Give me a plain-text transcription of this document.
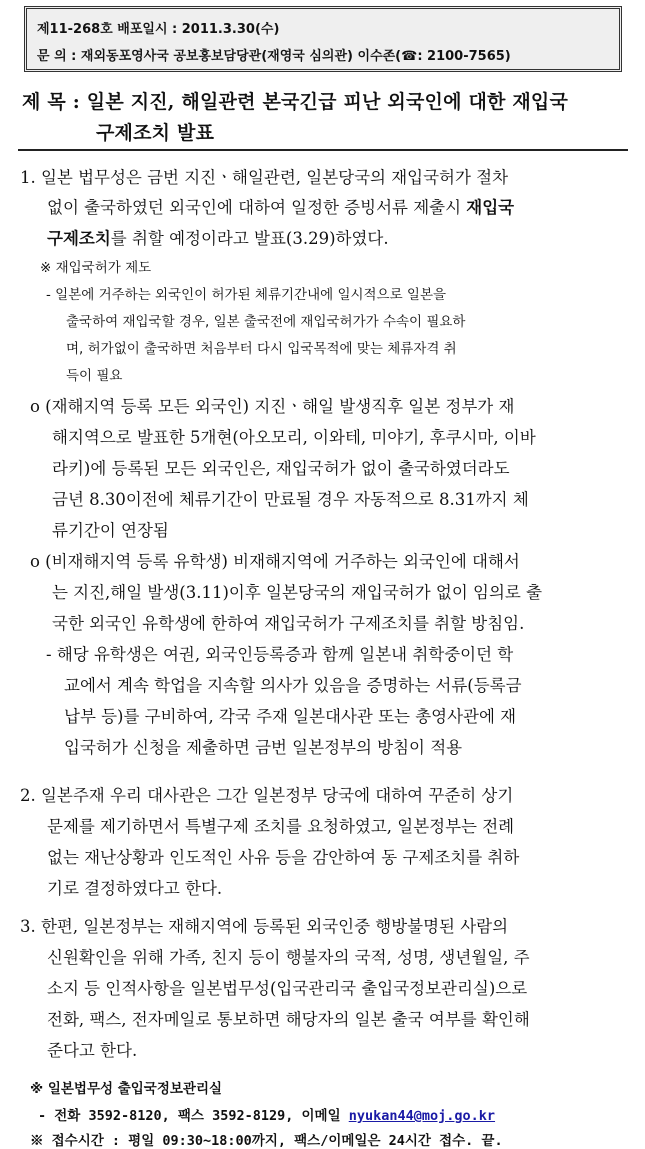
제11-268호 배포일시 : 2011.3.30(수)
문 의 : 재외동포영사국 공보홍보담당관(재영국 심의관) 이수존(☎: 2100-7565)
제 목 : 일본 지진, 해일관련 본국긴급 피난 외국인에 대한 재입국
구제조치 발표
1. 일본 법무성은 금번 지진ㆍ해일관련, 일본당국의 재입국허가 절차
없이 출국하였던 외국인에 대하여 일정한 증빙서류 제출시 재입국
구제조치를 취할 예정이라고 발표(3.29)하였다.
※ 재입국허가 제도
- 일본에 거주하는 외국인이 허가된 체류기간내에 일시적으로 일본을
출국하여 재입국할 경우, 일본 출국전에 재입국허가가 수속이 필요하
며, 허가없이 출국하면 처음부터 다시 입국목적에 맞는 체류자격 취
득이 필요
o (재해지역 등록 모든 외국인) 지진ㆍ해일 발생직후 일본 정부가 재
해지역으로 발표한 5개현(아오모리, 이와테, 미야기, 후쿠시마, 이바
라키)에 등록된 모든 외국인은, 재입국허가 없이 출국하였더라도
금년 8.30이전에 체류기간이 만료될 경우 자동적으로 8.31까지 체
류기간이 연장됨
o (비재해지역 등록 유학생) 비재해지역에 거주하는 외국인에 대해서
는 지진,해일 발생(3.11)이후 일본당국의 재입국허가 없이 임의로 출
국한 외국인 유학생에 한하여 재입국허가 구제조치를 취할 방침임.
- 해당 유학생은 여권, 외국인등록증과 함께 일본내 취학중이던 학
교에서 계속 학업을 지속할 의사가 있음을 증명하는 서류(등록금
납부 등)를 구비하여, 각국 주재 일본대사관 또는 총영사관에 재
입국허가 신청을 제출하면 금번 일본정부의 방침이 적용
2. 일본주재 우리 대사관은 그간 일본정부 당국에 대하여 꾸준히 상기
문제를 제기하면서 특별구제 조치를 요청하였고, 일본정부는 전례
없는 재난상황과 인도적인 사유 등을 감안하여 동 구제조치를 취하
기로 결정하였다고 한다.
3. 한편, 일본정부는 재해지역에 등록된 외국인중 행방불명된 사람의
신원확인을 위해 가족, 친지 등이 행불자의 국적, 성명, 생년월일, 주
소지 등 인적사항을 일본법무성(입국관리국 출입국정보관리실)으로
전화, 팩스, 전자메일로 통보하면 해당자의 일본 출국 여부를 확인해
준다고 한다.
※ 일본법무성 출입국정보관리실
- 전화 3592-8120, 팩스 3592-8129, 이메일 nyukan44@moj.go.kr
※ 접수시간 : 평일 09:30~18:00까지, 팩스/이메일은 24시간 접수. 끝.
